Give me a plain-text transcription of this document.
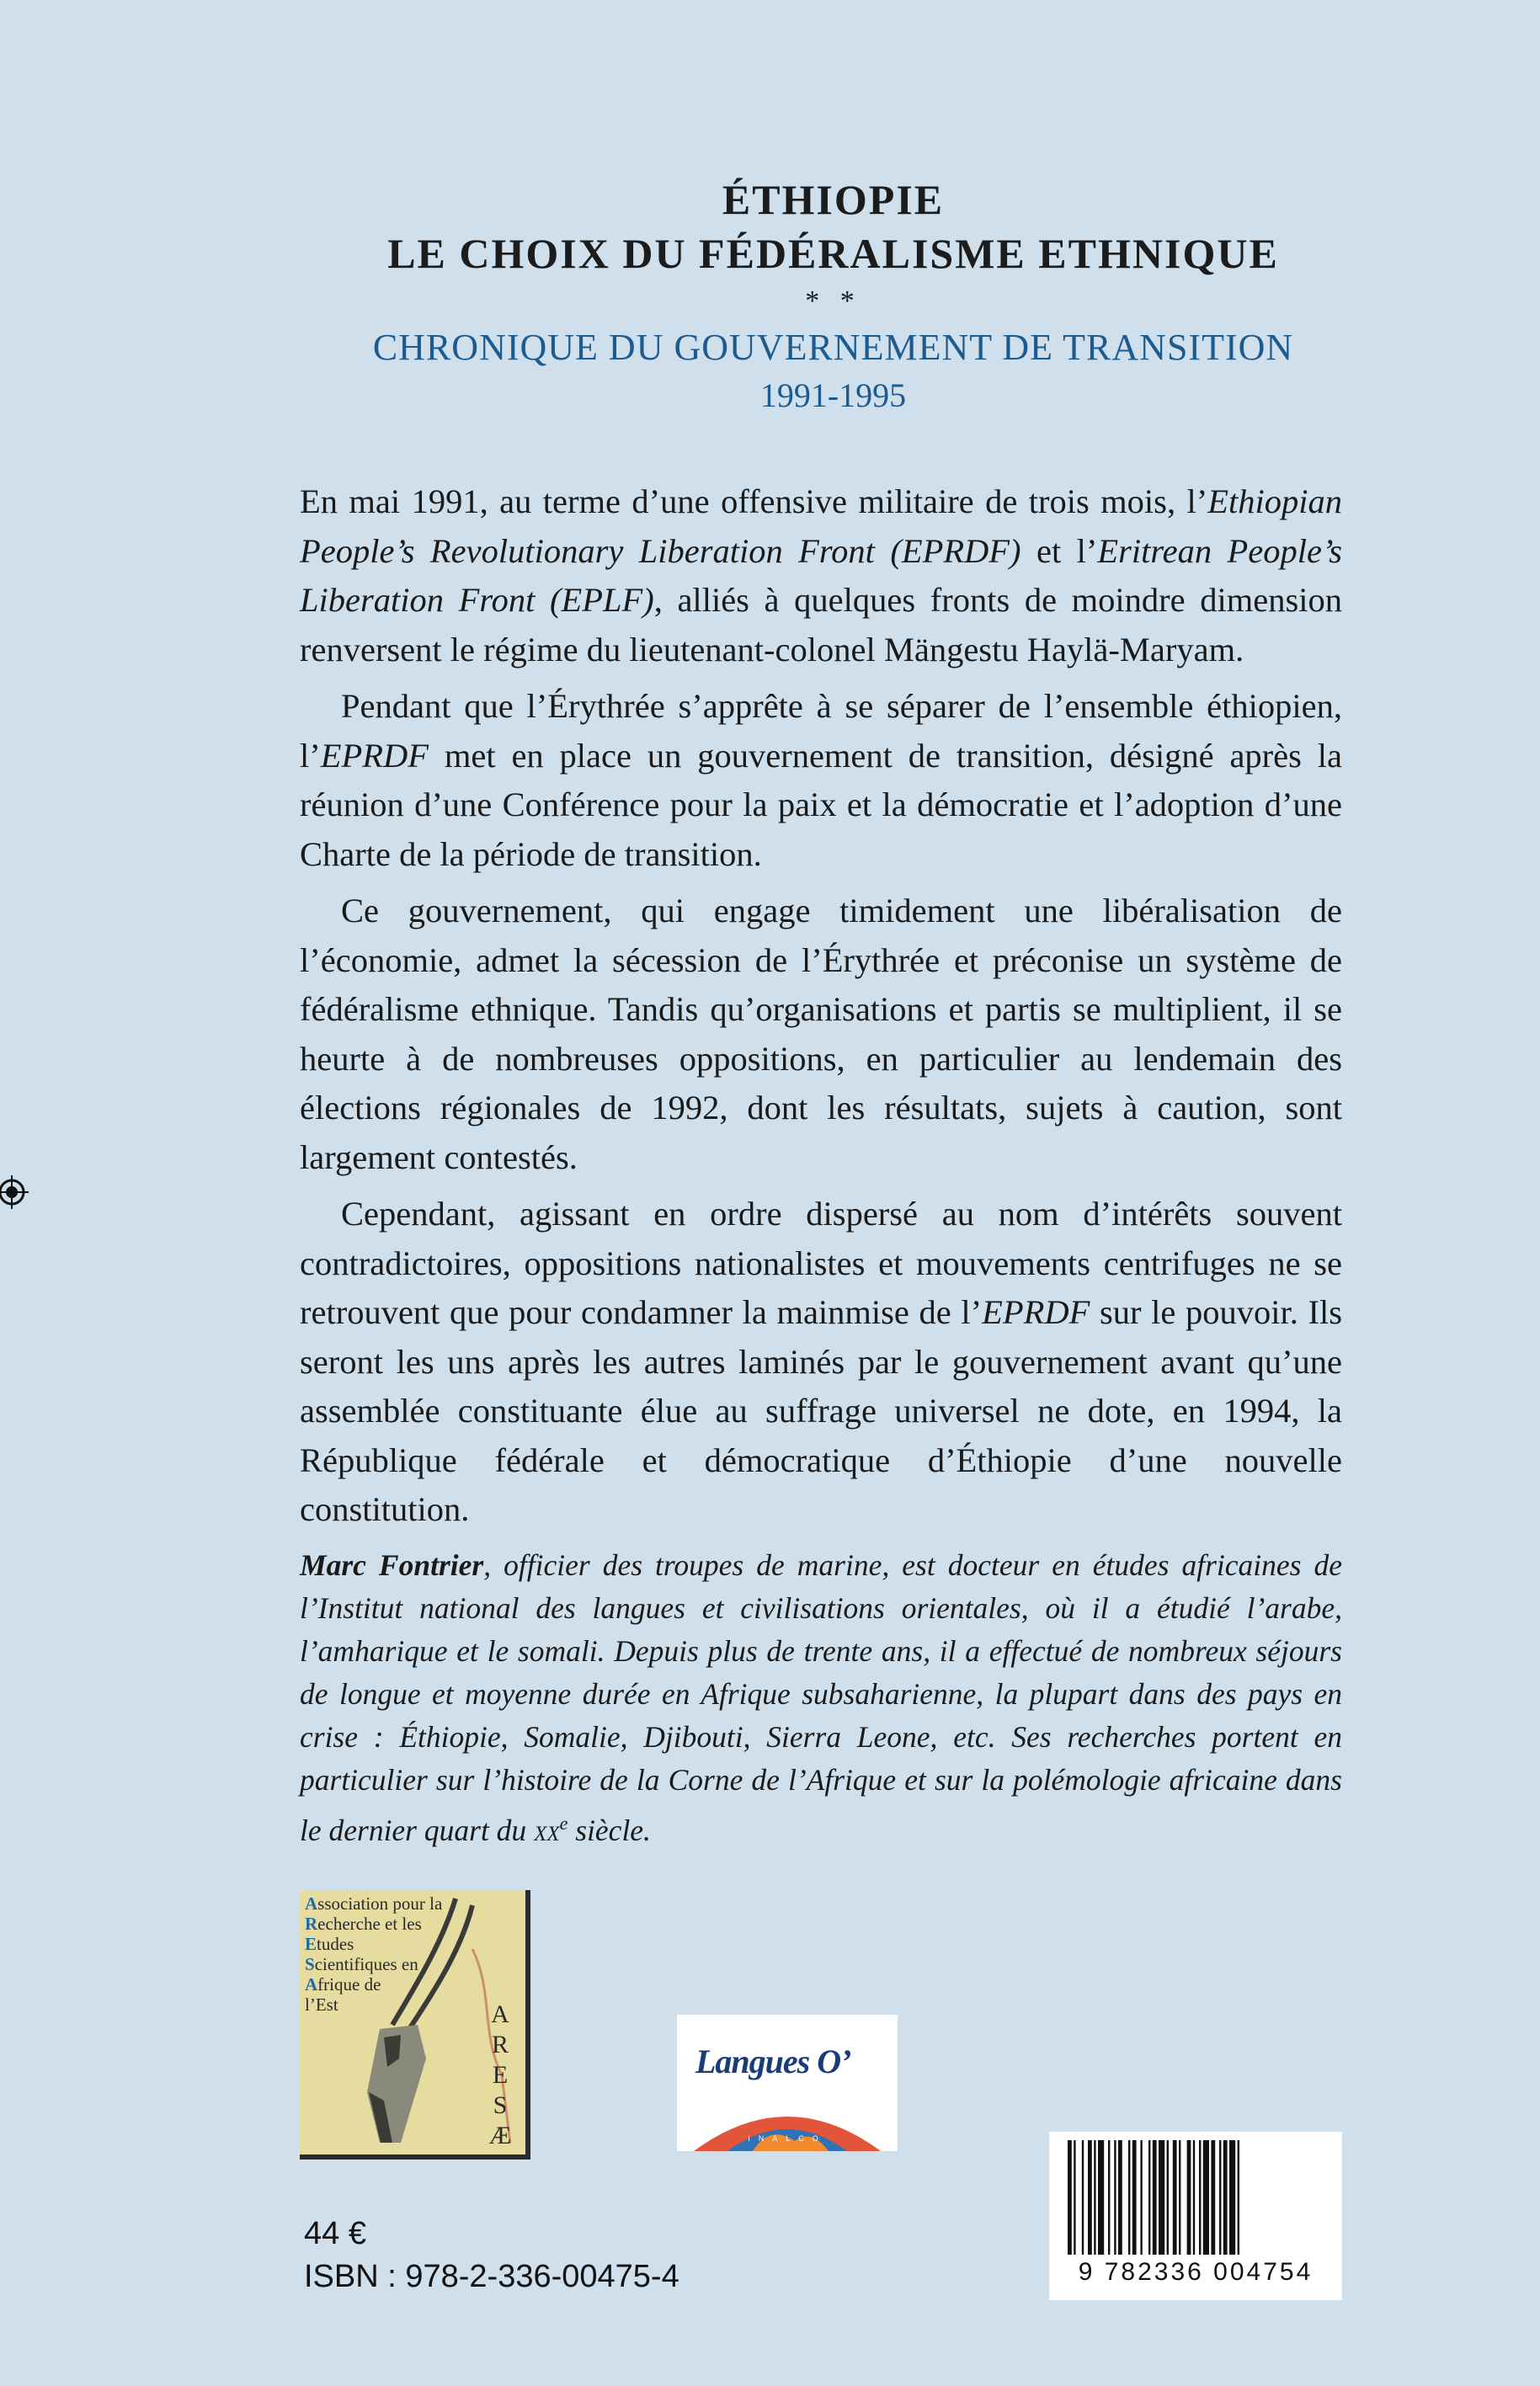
ÉTHIOPIE
LE CHOIX DU FÉDÉRALISME ETHNIQUE
* *
CHRONIQUE DU GOUVERNEMENT DE TRANSITION
1991-1995

En mai 1991, au terme d’une offensive militaire de trois mois, l’Ethiopian People’s Revolutionary Liberation Front (EPRDF) et l’Eritrean People’s Liberation Front (EPLF), alliés à quelques fronts de moindre dimension renversent le régime du lieutenant-colonel Mängestu Haylä-Maryam.

Pendant que l’Érythrée s’apprête à se séparer de l’ensemble éthiopien, l’EPRDF met en place un gouvernement de transition, désigné après la réunion d’une Conférence pour la paix et la démocratie et l’adoption d’une Charte de la période de transition.

Ce gouvernement, qui engage timidement une libéralisation de l’économie, admet la sécession de l’Érythrée et préconise un système de fédéralisme ethnique. Tandis qu’organisations et partis se multiplient, il se heurte à de nombreuses oppositions, en particulier au lendemain des élections régionales de 1992, dont les résultats, sujets à caution, sont largement contestés.

Cependant, agissant en ordre dispersé au nom d’intérêts souvent contradictoires, oppositions nationalistes et mouvements centrifuges ne se retrouvent que pour condamner la mainmise de l’EPRDF sur le pouvoir. Ils seront les uns après les autres laminés par le gouvernement avant qu’une assemblée constituante élue au suffrage universel ne dote, en 1994, la République fédérale et démocratique d’Éthiopie d’une nouvelle constitution.

Marc Fontrier, officier des troupes de marine, est docteur en études africaines de l’Institut national des langues et civilisations orientales, où il a étudié l’arabe, l’amharique et le somali. Depuis plus de trente ans, il a effectué de nombreux séjours de longue et moyenne durée en Afrique subsaharienne, la plupart dans des pays en crise : Éthiopie, Somalie, Djibouti, Sierra Leone, etc. Ses recherches portent en particulier sur l’histoire de la Corne de l’Afrique et sur la polémologie africaine dans le dernier quart du $xx^e$ siècle.
Association pour la
Recherche et les
Etudes
Scientifiques en
Afrique de
l’Est	A
R
E
S
Æ	INALCO
Langues O’
9 782336 004754
44 €
ISBN : 978-2-336-00475-4
